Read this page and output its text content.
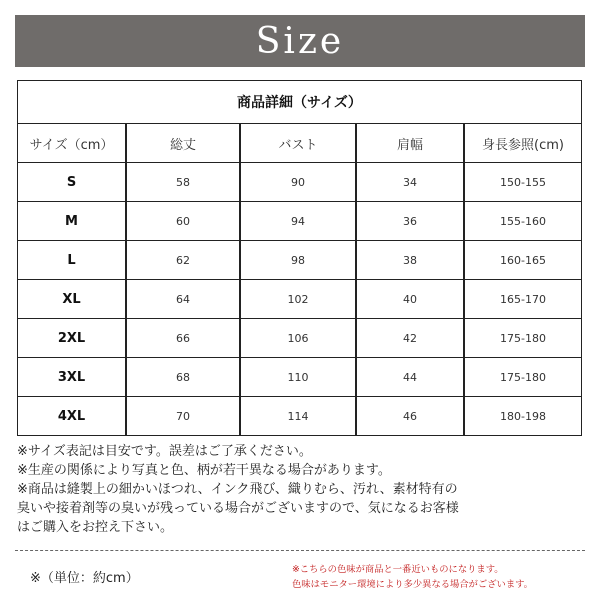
Size
商品詳細（サイズ）
サイズ（cm）	総丈	バスト	肩幅	身長参照(cm)
S	58	90	34	150-155
M	60	94	36	155-160
L	62	98	38	160-165
XL	64	102	40	165-170
2XL	66	106	42	175-180
3XL	68	110	44	175-180
4XL	70	114	46	180-198

※サイズ表記は目安です。誤差はご了承ください。

※生産の関係により写真と色、柄が若干異なる場合があります。

※商品は縫製上の細かいほつれ、インク飛び、織りむら、汚れ、素材特有の

臭いや接着剤等の臭いが残っている場合がございますので、気になるお客様

はご購入をお控え下さい。

※（単位：約cm）

※こちらの色味が商品と一番近いものになります。

色味はモニター環境により多少異なる場合がございます。
